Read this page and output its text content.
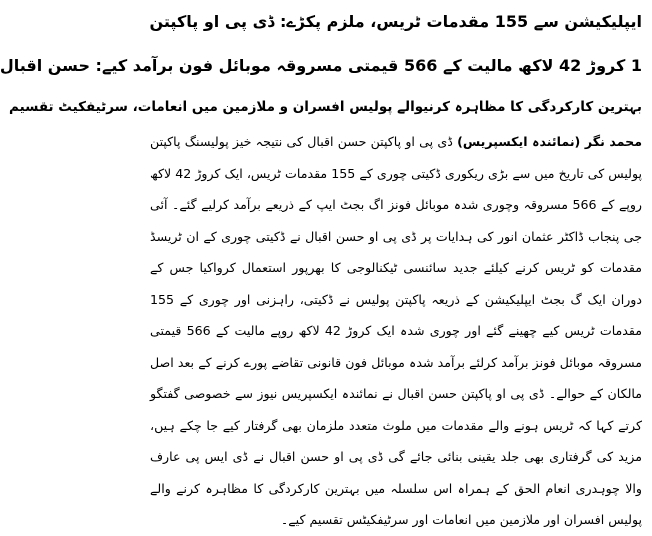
ایپلیکیشن سے 155 مقدمات ٹریس، ملزم پکڑے: ڈی پی او پاکپتن
1 کروڑ 42 لاکھ مالیت کے 566 قیمتی مسروقہ موبائل فون برآمد کیے: حسن اقبال
بہترین کارکردگی کا مظاہرہ کرنیوالے پولیس افسران و ملازمین میں انعامات، سرٹیفکیٹ تقسیم

محمد نگر (نمائندہ ایکسپریس) ڈی پی او پاکپتن حسن اقبال کی نتیجہ خیز پولیسنگ پاکپتن پولیس کی تاریخ میں سے بڑی ریکوری ڈکیتی چوری کے 155 مقدمات ٹریس، ایک کروڑ 42 لاکھ روپے کے 566 مسروقہ وچوری شدہ موبائل فونز اگ بجٹ ایپ کے ذریعے برآمد کرلیے گئے۔ آئی جی پنجاب ڈاکٹر عثمان انور کی ہدایات پر ڈی پی او حسن اقبال نے ڈکیتی چوری کے ان ٹریسڈ مقدمات کو ٹریس کرنے کیلئے جدید سائنسی ٹیکنالوجی کا بھرپور استعمال کرواکیا جس کے دوران ایک گ بجٹ ایپلیکیشن کے ذریعہ پاکپتن پولیس نے ڈکیتی، راہزنی اور چوری کے 155 مقدمات ٹریس کیے چھینے گئے اور چوری شدہ ایک کروڑ 42 لاکھ روپے مالیت کے 566 قیمتی مسروقہ موبائل فونز برآمد کرلئے برآمد شدہ موبائل فون قانونی تقاضے پورے کرنے کے بعد اصل مالکان کے حوالے۔ ڈی پی او پاکپتن حسن اقبال نے نمائندہ ایکسپریس نیوز سے خصوصی گفتگو کرتے کہا کہ ٹریس ہونے والے مقدمات میں ملوث متعدد ملزمان بھی گرفتار کیے جا چکے ہیں، مزید کی گرفتاری بھی جلد یقینی بنائی جائے گی ڈی پی او حسن اقبال نے ڈی ایس پی عارف والا چوہدری انعام الحق کے ہمراہ اس سلسلہ میں بہترین کارکردگی کا مظاہرہ کرنے والے پولیس افسران اور ملازمین میں انعامات اور سرٹیفکیٹس تقسیم کیے۔
